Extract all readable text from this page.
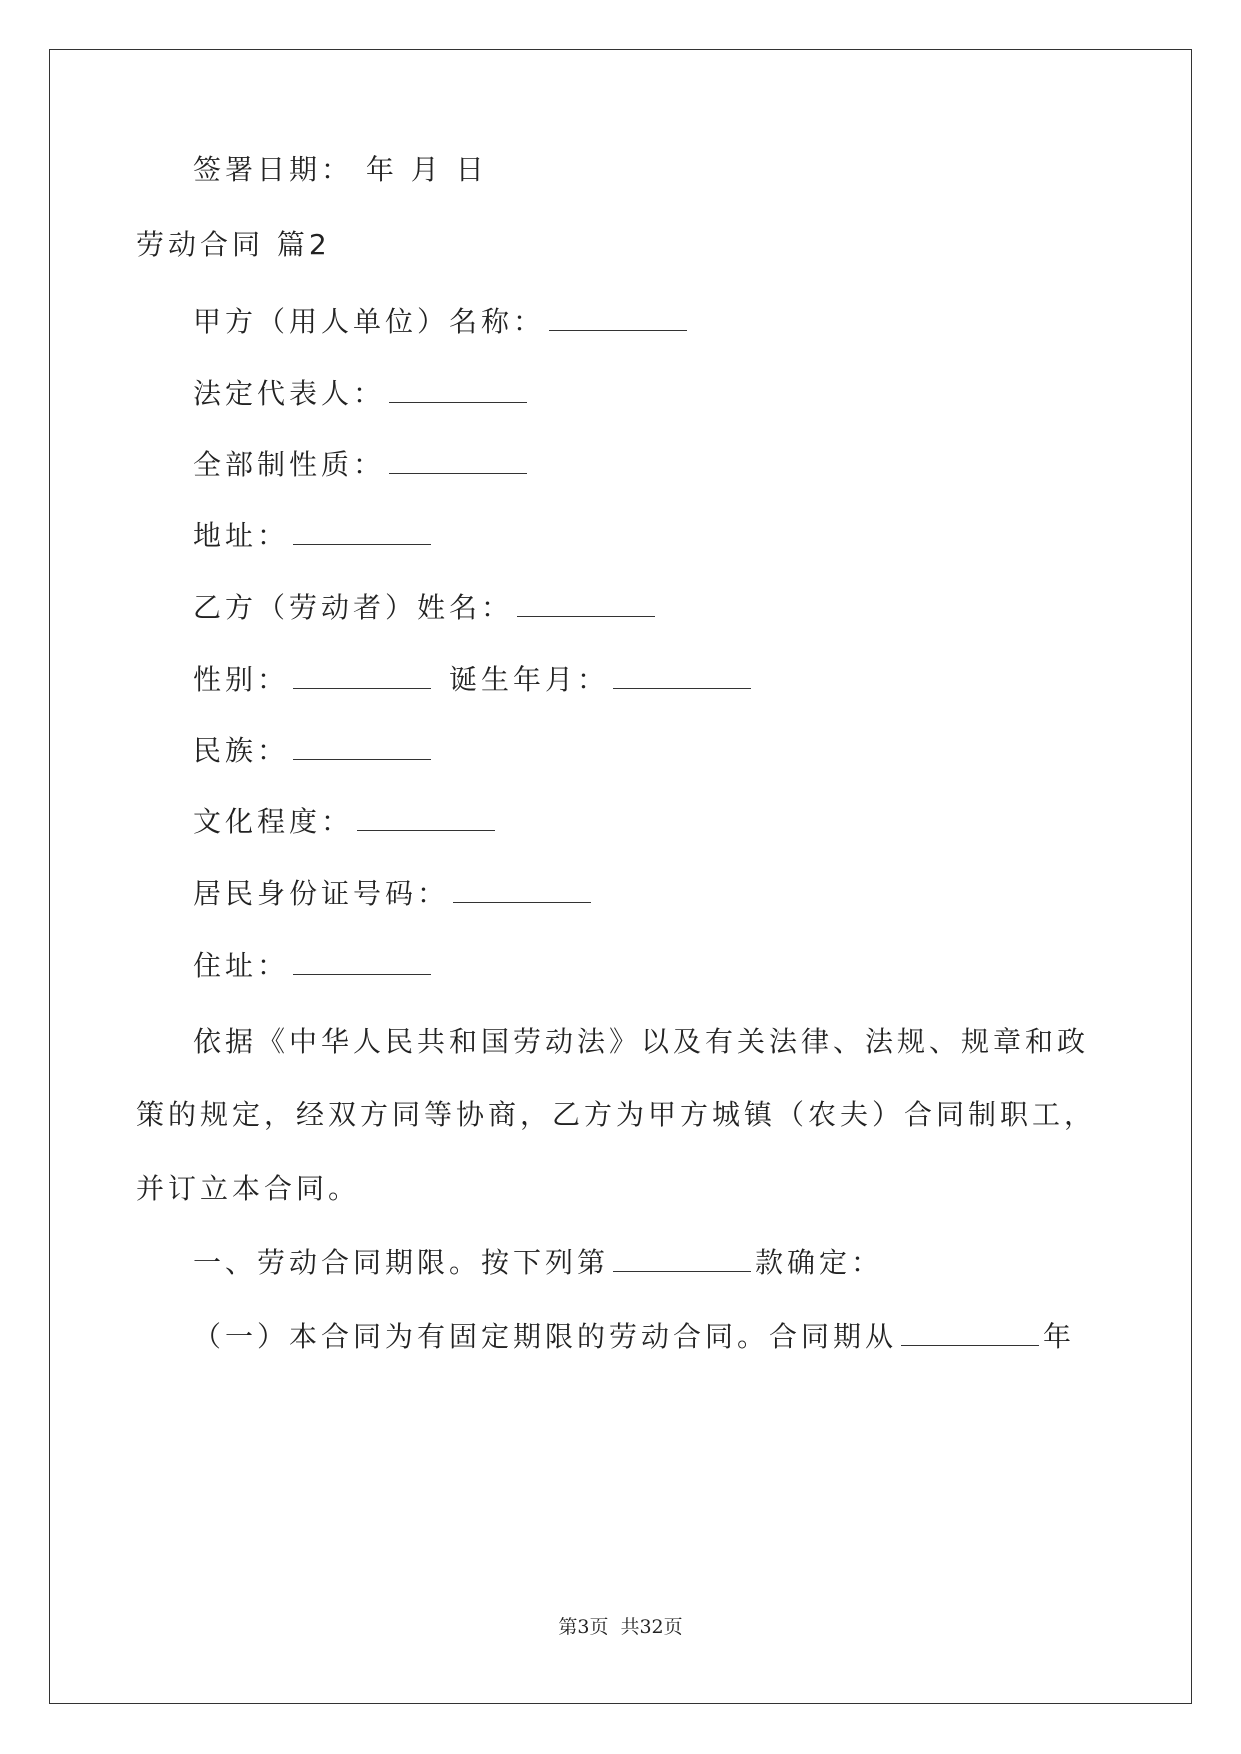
签署日期： 年 月 日
劳动合同 篇2
甲方（用人单位）名称：
法定代表人：
全部制性质：
地址：
乙方（劳动者）姓名：
性别：	诞生年月：
民族：
文化程度：
居民身份证号码：
住址：
依据《中华人民共和国劳动法》以及有关法律、法规、规章和政
策的规定，经双方同等协商，乙方为甲方城镇（农夫）合同制职工，
并订立本合同。
一、劳动合同期限。按下列第	款确定：
（一）本合同为有固定期限的劳动合同。合同期从	年
第3页 共32页
